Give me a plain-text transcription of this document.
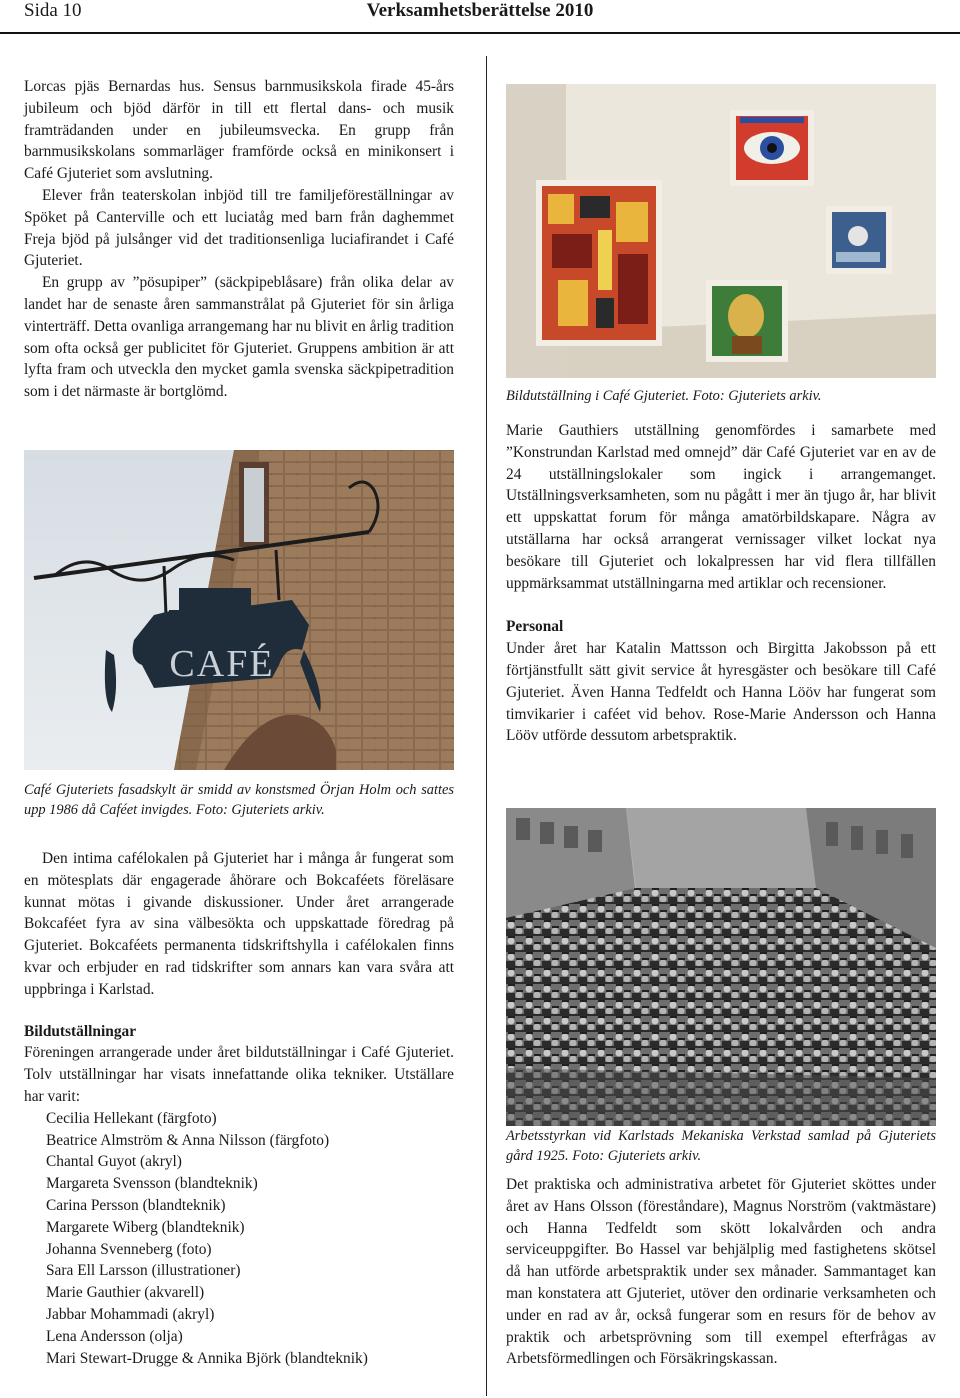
Verksamhetsberättelse 2010
Sida 10

Lorcas pjäs Bernardas hus. Sensus barnmusikskola firade 45-års jubileum och bjöd därför in till ett flertal dans- och musik framträdanden under en jubileumsvecka. En grupp från barnmusikskolans sommarläger framförde också en minikonsert i Café Gjuteriet som avslutning.

Elever från teaterskolan inbjöd till tre familjeföreställningar av Spöket på Canterville och ett luciatåg med barn från daghemmet Freja bjöd på julsånger vid det traditionsenliga luciafirandet i Café Gjuteriet.

En grupp av ”pösupiper” (säckpipeblåsare) från olika delar av landet har de senaste åren sammanstrålat på Gjuteriet för sin årliga vinterträff. Detta ovanliga arrangemang har nu blivit en årlig tradition som ofta också ger publicitet för Gjuteriet. Gruppens ambition är att lyfta fram och utveckla den mycket gamla svenska säckpipetradition som i det närmaste är bortglömd.

CAFÉ

Café Gjuteriets fasadskylt är smidd av konstsmed Örjan Holm och sattes upp 1986 då Caféet invigdes. Foto: Gjuteriets arkiv.

Den intima cafélokalen på Gjuteriet har i många år fungerat som en mötesplats där engagerade åhörare och Bokcaféets föreläsare kunnat mötas i givande diskussioner. Under året arrangerade Bokcaféet fyra av sina välbesökta och uppskattade föredrag på Gjuteriet. Bokcaféets permanenta tidskriftshylla i cafélokalen finns kvar och erbjuder en rad tidskrifter som annars kan vara svåra att uppbringa i Karlstad.

Bildutställningar

Föreningen arrangerade under året bildutställningar i Café Gjuteriet. Tolv utställningar har visats innefattande olika tekniker. Utställare har varit:

Cecilia Hellekant (färgfoto)
Beatrice Almström & Anna Nilsson (färgfoto)
Chantal Guyot (akryl)
Margareta Svensson (blandteknik)
Carina Persson (blandteknik)
Margarete Wiberg (blandteknik)
Johanna Svenneberg (foto)
Sara Ell Larsson (illustrationer)
Marie Gauthier (akvarell)
Jabbar Mohammadi (akryl)
Lena Andersson (olja)
Mari Stewart-Drugge & Annika Björk (blandteknik)

Bildutställning i Café Gjuteriet. Foto: Gjuteriets arkiv.

Marie Gauthiers utställning genomfördes i samarbete med ”Konstrundan Karlstad med omnejd” där Café Gjuteriet var en av de 24 utställningslokaler som ingick i arrangemanget. Utställningsverksamheten, som nu pågått i mer än tjugo år, har blivit ett uppskattat forum för många amatörbildskapare. Några av utställarna har också arrangerat vernissager vilket lockat nya besökare till Gjuteriet och lokalpressen har vid flera tillfällen uppmärksammat utställningarna med artiklar och recensioner.

Personal

Under året har Katalin Mattsson och Birgitta Jakobsson på ett förtjänstfullt sätt givit service åt hyresgäster och besökare till Café Gjuteriet. Även Hanna Tedfeldt och Hanna Lööv har fungerat som timvikarier i caféet vid behov. Rose-Marie Andersson och Hanna Lööv utförde dessutom arbetspraktik.

Arbetsstyrkan vid Karlstads Mekaniska Verkstad samlad på Gjuteriets gård 1925. Foto: Gjuteriets arkiv.

Det praktiska och administrativa arbetet för Gjuteriet sköttes under året av Hans Olsson (föreståndare), Magnus Norström (vaktmästare) och Hanna Tedfeldt som skött lokalvården och andra serviceuppgifter. Bo Hassel var behjälplig med fastighetens skötsel då han utförde arbetspraktik under sex månader. Sammantaget kan man konstatera att Gjuteriet, utöver den ordinarie verksamheten och under en rad av år, också fungerar som en resurs för de behov av praktik och arbetsprövning som till exempel efterfrågas av Arbetsförmedlingen och Försäkringskassan.
